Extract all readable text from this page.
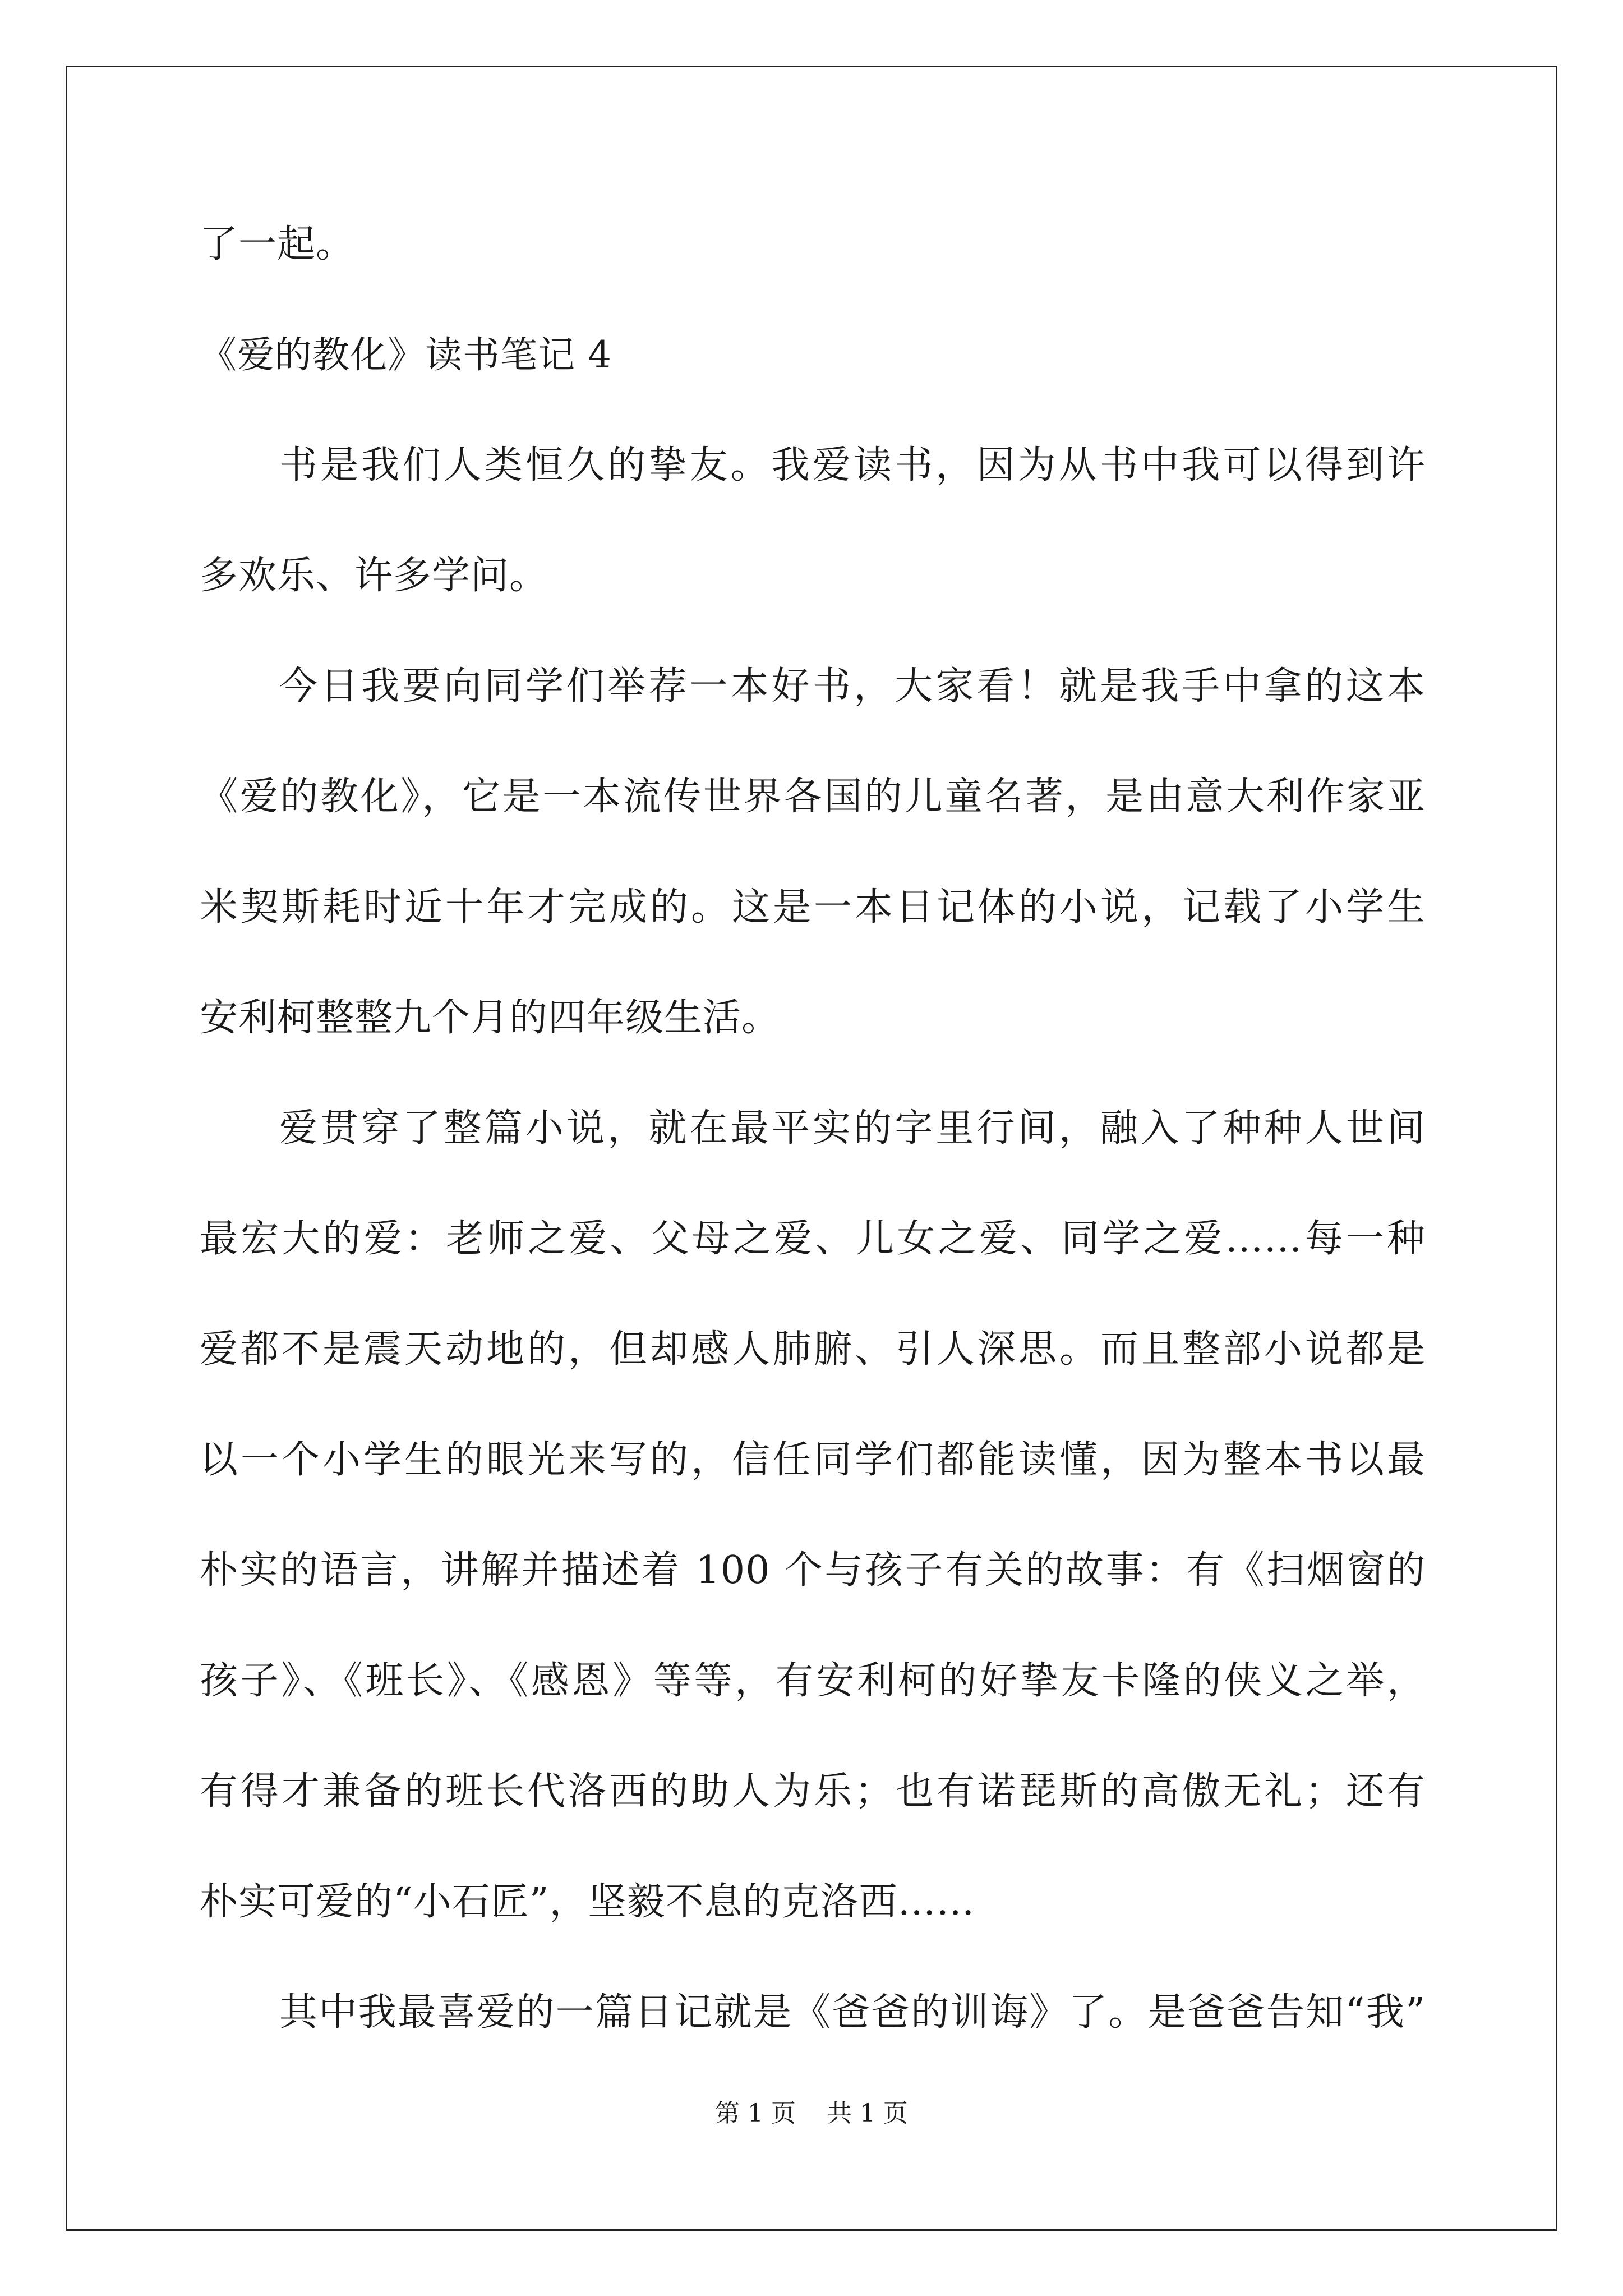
了一起。
《爱的教化》读书笔记 4
书是我们人类恒久的挚友。我爱读书，因为从书中我可以得到许
多欢乐、许多学问。
今日我要向同学们举荐一本好书，大家看！就是我手中拿的这本
《爱的教化》，它是一本流传世界各国的儿童名著，是由意大利作家亚
米契斯耗时近十年才完成的。这是一本日记体的小说，记载了小学生
安利柯整整九个月的四年级生活。
爱贯穿了整篇小说，就在最平实的字里行间，融入了种种人世间
最宏大的爱：老师之爱、父母之爱、儿女之爱、同学之爱……每一种
爱都不是震天动地的，但却感人肺腑、引人深思。而且整部小说都是
以一个小学生的眼光来写的，信任同学们都能读懂，因为整本书以最
朴实的语言，讲解并描述着 100 个与孩子有关的故事：有《扫烟窗的
孩子》、《班长》、《感恩》等等，有安利柯的好挚友卡隆的侠义之举，
有得才兼备的班长代洛西的助人为乐；也有诺琵斯的高傲无礼；还有
朴实可爱的“小石匠”，坚毅不息的克洛西……
其中我最喜爱的一篇日记就是《爸爸的训诲》了。是爸爸告知“我”
第 1 页    共 1 页
